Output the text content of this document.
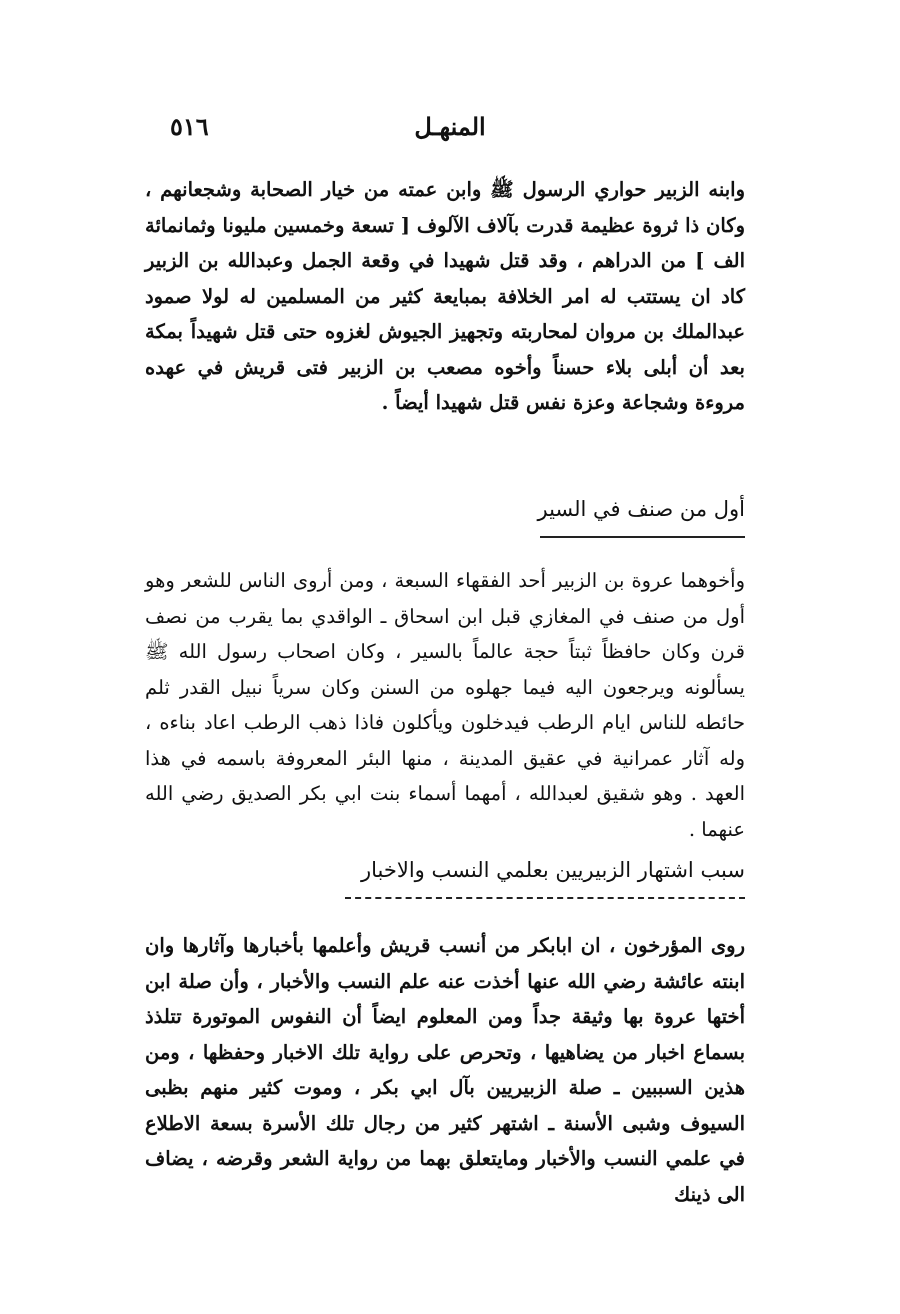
٥١٦	المنهـل

وابنه الزبير حواري الرسول ﷺ وابن عمته من خيار الصحابة وشجعانهم ، وكان ذا ثروة عظيمة قدرت بآلاف الآلوف [ تسعة وخمسين مليونا وثمانمائة الف ] من الدراهم ، وقد قتل شهيدا في وقعة الجمل وعبدالله بن الزبير كاد ان يستتب له امر الخلافة بمبايعة كثير من المسلمين له لولا صمود عبدالملك بن مروان لمحاربته وتجهيز الجيوش لغزوه حتى قتل شهيداً بمكة بعد أن أبلى بلاء حسناً وأخوه مصعب بن الزبير فتى قريش في عهده مروءة وشجاعة وعزة نفس قتل شهيدا أيضاً .

أول من صنف في السير

وأخوهما عروة بن الزبير أحد الفقهاء السبعة ، ومن أروى الناس للشعر وهو أول من صنف في المغازي قبل ابن اسحاق ـ الواقدي بما يقرب من نصف قرن وكان حافظاً ثبتاً حجة عالماً بالسير ، وكان اصحاب رسول الله ﷺ يسألونه ويرجعون اليه فيما جهلوه من السنن وكان سرياً نبيل القدر ثلم حائطه للناس ايام الرطب فيدخلون ويأكلون فاذا ذهب الرطب اعاد بناءه ، وله آثار عمرانية في عقيق المدينة ، منها البئر المعروفة باسمه في هذا العهد . وهو شقيق لعبدالله ، أمهما أسماء بنت ابي بكر الصديق رضي الله عنهما .

سبب اشتهار الزبيريين بعلمي النسب والاخبار

روى المؤرخون ، ان ابابكر من أنسب قريش وأعلمها بأخبارها وآثارها وان ابنته عائشة رضي الله عنها أخذت عنه علم النسب والأخبار ، وأن صلة ابن أختها عروة بها وثيقة جداً ومن المعلوم ايضاً أن النفوس الموتورة تتلذذ بسماع اخبار من يضاهيها ، وتحرص على رواية تلك الاخبار وحفظها ، ومن هذين السببين ـ صلة الزبيريين بآل ابي بكر ، وموت كثير منهم بظبى السيوف وشبى الأسنة ـ اشتهر كثير من رجال تلك الأسرة بسعة الاطلاع في علمي النسب والأخبار ومايتعلق بهما من رواية الشعر وقرضه ، يضاف الى ذينك
